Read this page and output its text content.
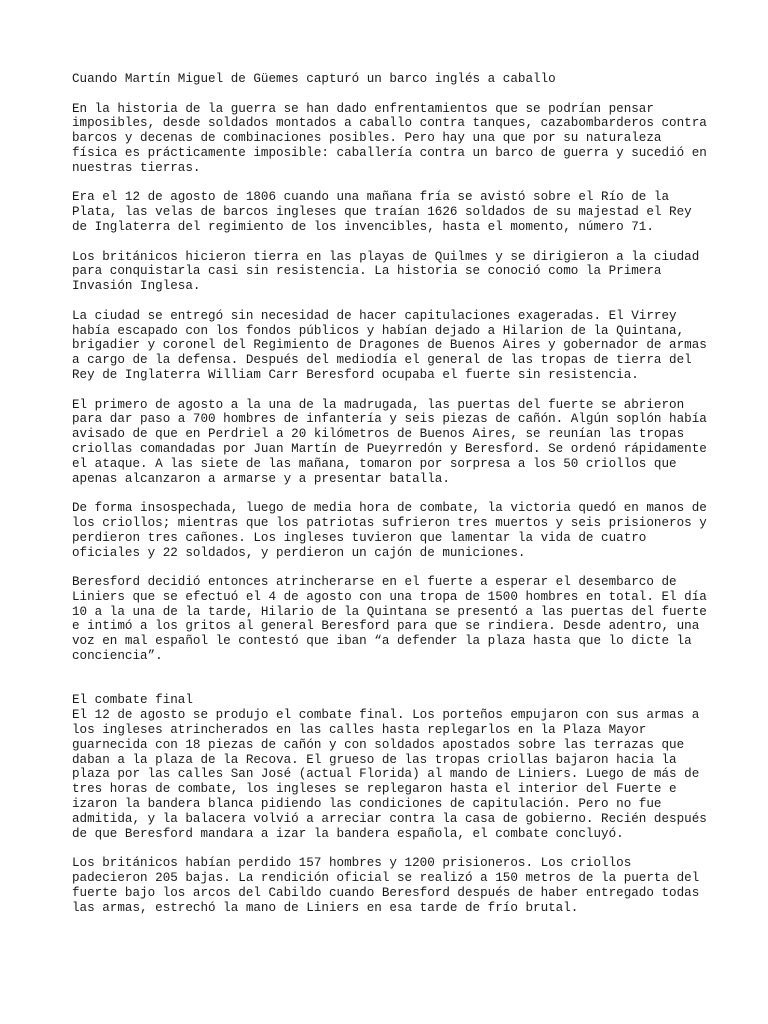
Cuando Martín Miguel de Güemes capturó un barco inglés a caballo

En la historia de la guerra se han dado enfrentamientos que se podrían pensar imposibles, desde soldados montados a caballo contra tanques, cazabombarderos contra barcos y decenas de combinaciones posibles. Pero hay una que por su naturaleza física es prácticamente imposible: caballería contra un barco de guerra y sucedió en nuestras tierras.

Era el 12 de agosto de 1806 cuando una mañana fría se avistó sobre el Río de la Plata, las velas de barcos ingleses que traían 1626 soldados de su majestad el Rey de Inglaterra del regimiento de los invencibles, hasta el momento, número 71.

Los británicos hicieron tierra en las playas de Quilmes y se dirigieron a la ciudad para conquistarla casi sin resistencia. La historia se conoció como la Primera Invasión Inglesa.

La ciudad se entregó sin necesidad de hacer capitulaciones exageradas. El Virrey había escapado con los fondos públicos y habían dejado a Hilarion de la Quintana, brigadier y coronel del Regimiento de Dragones de Buenos Aires y gobernador de armas a cargo de la defensa. Después del mediodía el general de las tropas de tierra del Rey de Inglaterra William Carr Beresford ocupaba el fuerte sin resistencia.

El primero de agosto a la una de la madrugada, las puertas del fuerte se abrieron para dar paso a 700 hombres de infantería y seis piezas de cañón. Algún soplón había avisado de que en Perdriel a 20 kilómetros de Buenos Aires, se reunían las tropas criollas comandadas por Juan Martín de Pueyrredón y Beresford. Se ordenó rápidamente el ataque. A las siete de las mañana, tomaron por sorpresa a los 50 criollos que apenas alcanzaron a armarse y a presentar batalla.

De forma insospechada, luego de media hora de combate, la victoria quedó en manos de los criollos; mientras que los patriotas sufrieron tres muertos y seis prisioneros y perdieron tres cañones. Los ingleses tuvieron que lamentar la vida de cuatro oficiales y 22 soldados, y perdieron un cajón de municiones.

Beresford decidió entonces atrincherarse en el fuerte a esperar el desembarco de Liniers que se efectuó el 4 de agosto con una tropa de 1500 hombres en total. El día 10 a la una de la tarde, Hilario de la Quintana se presentó a las puertas del fuerte e intimó a los gritos al general Beresford para que se rindiera. Desde adentro, una voz en mal español le contestó que iban “a defender la plaza hasta que lo dicte la conciencia”.

El combate final

El 12 de agosto se produjo el combate final. Los porteños empujaron con sus armas a los ingleses atrincherados en las calles hasta replegarlos en la Plaza Mayor guarnecida con 18 piezas de cañón y con soldados apostados sobre las terrazas que daban a la plaza de la Recova. El grueso de las tropas criollas bajaron hacia la plaza por las calles San José (actual Florida) al mando de Liniers. Luego de más de tres horas de combate, los ingleses se replegaron hasta el interior del Fuerte e izaron la bandera blanca pidiendo las condiciones de capitulación. Pero no fue admitida, y la balacera volvió a arreciar contra la casa de gobierno. Recién después de que Beresford mandara a izar la bandera española, el combate concluyó.

Los británicos habían perdido 157 hombres y 1200 prisioneros. Los criollos padecieron 205 bajas. La rendición oficial se realizó a 150 metros de la puerta del fuerte bajo los arcos del Cabildo cuando Beresford después de haber entregado todas las armas, estrechó la mano de Liniers en esa tarde de frío brutal.
